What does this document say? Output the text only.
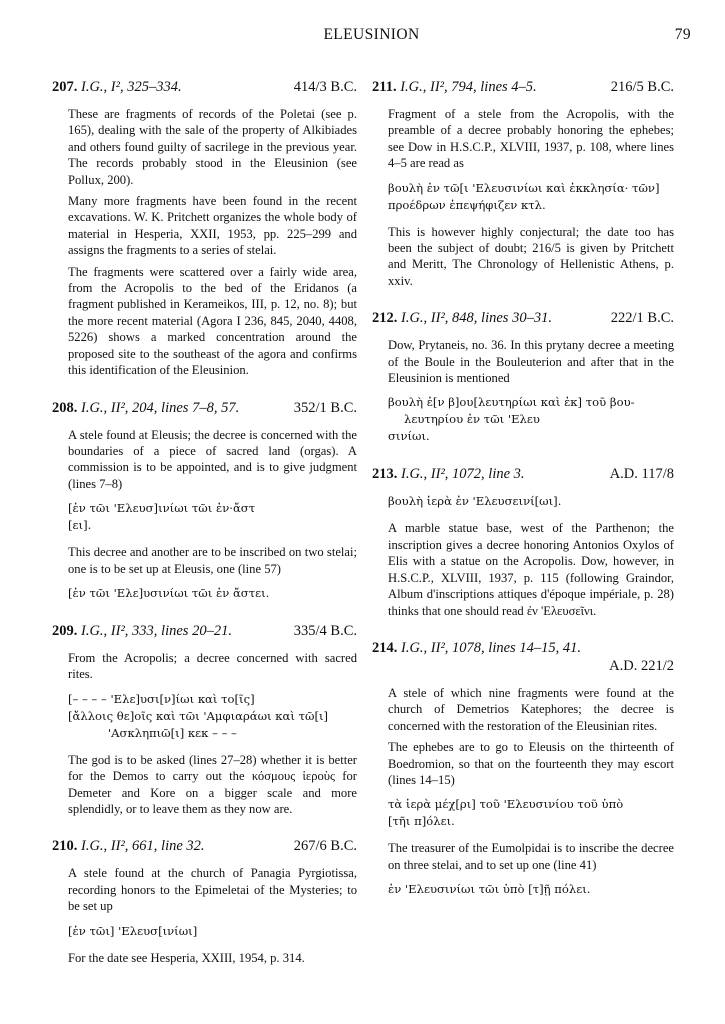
ELEUSINION	79
207. I.G., I², 325–334.	414/3 B.C.

These are fragments of records of the Poletai (see p. 165), dealing with the sale of the property of Alkibiades and others found guilty of sacrilege in the previous year. The records probably stood in the Eleusinion (see Pollux, 200).

Many more fragments have been found in the recent excavations. W. K. Pritchett organizes the whole body of material in Hesperia, XXII, 1953, pp. 225–299 and assigns the fragments to a series of stelai.

The fragments were scattered over a fairly wide area, from the Acropolis to the bed of the Eridanos (a fragment published in Kerameikos, III, p. 12, no. 8); but the more recent material (Agora I 236, 845, 2040, 4408, 5226) shows a marked concentration around the proposed site to the southeast of the agora and confirms this identification of the Eleusinion.

208. I.G., II², 204, lines 7–8, 57.	352/1 B.C.

A stele found at Eleusis; the decree is concerned with the boundaries of a piece of sacred land (orgas). A commission is to be appointed, and is to give judgment (lines 7–8)

[ἐν τῶι 'Ελευσ]ινίωι τῶι ἐν·ἄστ
[ει].

This decree and another are to be inscribed on two stelai; one is to be set up at Eleusis, one (line 57)

[ἐν τῶι 'Ελε]υσινίωι τῶι ἐν ἄστει.
209. I.G., II², 333, lines 20–21.	335/4 B.C.

From the Acropolis; a decree concerned with sacred rites.

[– – – – 'Ελε]υσι[ν]ίωι καὶ το[ῖς]
[ἄλλοις θε]οῖς καὶ τῶι 'Αμφιαράωι καὶ τῶ[ι]
'Ασκληπιῶ[ι] κεκ – – –

The god is to be asked (lines 27–28) whether it is better for the Demos to carry out the κόσμους ἱεροὺς for Demeter and Kore on a bigger scale and more splendidly, or to leave them as they now are.

210. I.G., II², 661, line 32.	267/6 B.C.

A stele found at the church of Panagia Pyrgiotissa, recording honors to the Epimeletai of the Mysteries; to be set up

[ἐν τῶι] 'Ελευσ[ινίωι]

For the date see Hesperia, XXIII, 1954, p. 314.

211. I.G., II², 794, lines 4–5.	216/5 B.C.

Fragment of a stele from the Acropolis, with the preamble of a decree probably honoring the ephebes; see Dow in H.S.C.P., XLVIII, 1937, p. 108, where lines 4–5 are read as

βουλὴ ἐν τῶ[ι 'Ελευσινίωι καὶ ἐκκλησία· τῶν]
προέδρων ἐπεψήφιζεν κτλ.

This is however highly conjectural; the date too has been the subject of doubt; 216/5 is given by Pritchett and Meritt, The Chronology of Hellenistic Athens, p. xxiv.

212. I.G., II², 848, lines 30–31.	222/1 B.C.

Dow, Prytaneis, no. 36. In this prytany decree a meeting of the Boule in the Bouleuterion and after that in the Eleusinion is mentioned

βουλὴ ἐ[ν β]ου[λευτηρίωι καὶ ἐκ] τοῦ βου-
λευτηρίου ἐν τῶι 'Ελευ
σινίωι.
213. I.G., II², 1072, line 3.	A.D. 117/8
βουλὴ ἱερὰ ἐν 'Ελευσεινί[ωι].

A marble statue base, west of the Parthenon; the inscription gives a decree honoring Antonios Oxylos of Elis with a statue on the Acropolis. Dow, however, in H.S.C.P., XLVIII, 1937, p. 115 (following Graindor, Album d'inscriptions attiques d'époque impériale, p. 28) thinks that one should read ἐν 'Ελευσεῖνι.

214. I.G., II², 1078, lines 14–15, 41.
A.D. 221/2

A stele of which nine fragments were found at the church of Demetrios Katephores; the decree is concerned with the restoration of the Eleusinian rites.

The ephebes are to go to Eleusis on the thirteenth of Boedromion, so that on the fourteenth they may escort (lines 14–15)

τὰ ἱερὰ μέχ[ρι] τοῦ 'Ελευσινίου τοῦ ὑπὸ
[τῆι π]όλει.

The treasurer of the Eumolpidai is to inscribe the decree on three stelai, and to set up one (line 41)

ἐν 'Ελευσινίωι τῶι ὑπὸ [τ]ῇ πόλει.
